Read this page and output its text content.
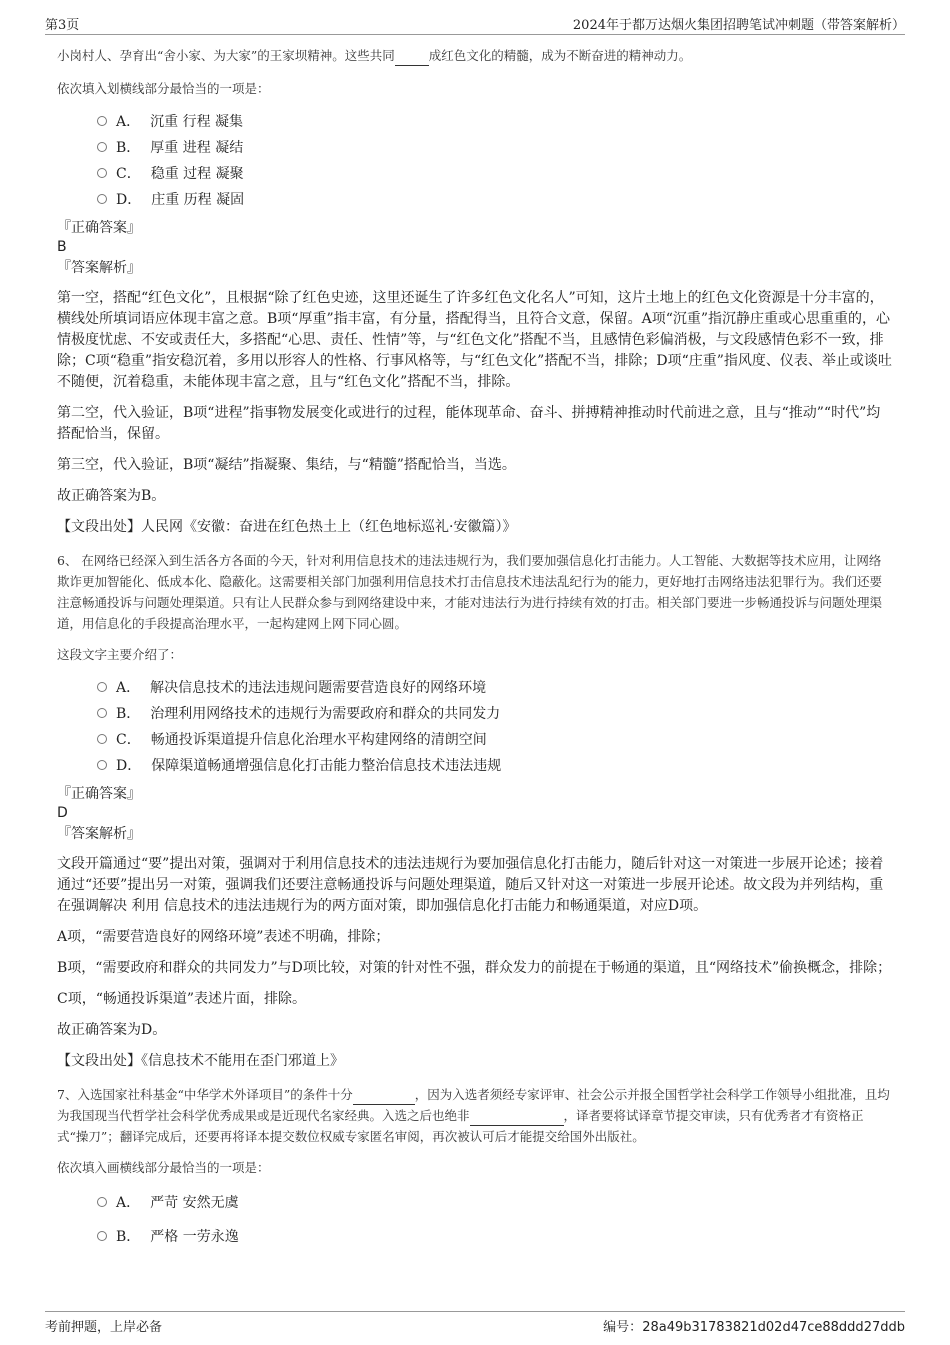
第3页	2024年于都万达烟火集团招聘笔试冲刺题（带答案解析）

小岗村人、孕育出“舍小家、为大家”的王家坝精神。这些共同	成红色文化的精髓，成为不断奋进的精神动力。

依次填入划横线部分最恰当的一项是：

A． 沉重 行程 凝集

B． 厚重 进程 凝结

C． 稳重 过程 凝聚

D． 庄重 历程 凝固

『正确答案』

B

『答案解析』

第一空，搭配“红色文化”，且根据“除了红色史迹，这里还诞生了许多红色文化名人”可知，这片土地上的红色文化资源是十分丰富的，横线处所填词语应体现丰富之意。B项“厚重”指丰富，有分量，搭配得当，且符合文意，保留。A项“沉重”指沉静庄重或心思重重的，心情极度忧虑、不安或责任大，多搭配“心思、责任、性情”等，与“红色文化”搭配不当，且感情色彩偏消极，与文段感情色彩不一致，排除；C项“稳重”指安稳沉着，多用以形容人的性格、行事风格等，与“红色文化”搭配不当，排除；D项“庄重”指风度、仪表、举止或谈吐不随便，沉着稳重，未能体现丰富之意，且与“红色文化”搭配不当，排除。

第二空，代入验证，B项“进程”指事物发展变化或进行的过程，能体现革命、奋斗、拼搏精神推动时代前进之意，且与“推动”“时代”均搭配恰当，保留。

第三空，代入验证，B项“凝结”指凝聚、集结，与“精髓”搭配恰当，当选。

故正确答案为B。

【文段出处】人民网《安徽：奋进在红色热土上（红色地标巡礼·安徽篇）》

6、 在网络已经深入到生活各方各面的今天，针对利用信息技术的违法违规行为，我们要加强信息化打击能力。人工智能、大数据等技术应用，让网络欺诈更加智能化、低成本化、隐蔽化。这需要相关部门加强利用信息技术打击信息技术违法乱纪行为的能力，更好地打击网络违法犯罪行为。我们还要注意畅通投诉与问题处理渠道。只有让人民群众参与到网络建设中来，才能对违法行为进行持续有效的打击。相关部门要进一步畅通投诉与问题处理渠道，用信息化的手段提高治理水平，一起构建网上网下同心圆。

这段文字主要介绍了：

A． 解决信息技术的违法违规问题需要营造良好的网络环境

B． 治理利用网络技术的违规行为需要政府和群众的共同发力

C． 畅通投诉渠道提升信息化治理水平构建网络的清朗空间

D． 保障渠道畅通增强信息化打击能力整治信息技术违法违规

『正确答案』

D

『答案解析』

文段开篇通过“要”提出对策，强调对于利用信息技术的违法违规行为要加强信息化打击能力，随后针对这一对策进一步展开论述；接着通过“还要”提出另一对策，强调我们还要注意畅通投诉与问题处理渠道，随后又针对这一对策进一步展开论述。故文段为并列结构，重在强调解决 利用 信息技术的违法违规行为的两方面对策，即加强信息化打击能力和畅通渠道，对应D项。

A项，“需要营造良好的网络环境”表述不明确，排除；

B项，“需要政府和群众的共同发力”与D项比较，对策的针对性不强，群众发力的前提在于畅通的渠道，且“网络技术”偷换概念，排除；

C项，“畅通投诉渠道”表述片面，排除。

故正确答案为D。

【文段出处】《信息技术不能用在歪门邪道上》

7、入选国家社科基金“中华学术外译项目”的条件十分	，因为入选者须经专家评审、社会公示并报全国哲学社会科学工作领导小组批准，且均为我国现当代哲学社会科学优秀成果或是近现代名家经典。入选之后也绝非	，译者要将试译章节提交审读，只有优秀者才有资格正式“操刀”；翻译完成后，还要再将译本提交数位权威专家匿名审阅，再次被认可后才能提交给国外出版社。

依次填入画横线部分最恰当的一项是：

A． 严苛 安然无虞

B． 严格 一劳永逸

考前押题，上岸必备	编号：28a49b31783821d02d47ce88ddd27ddb
